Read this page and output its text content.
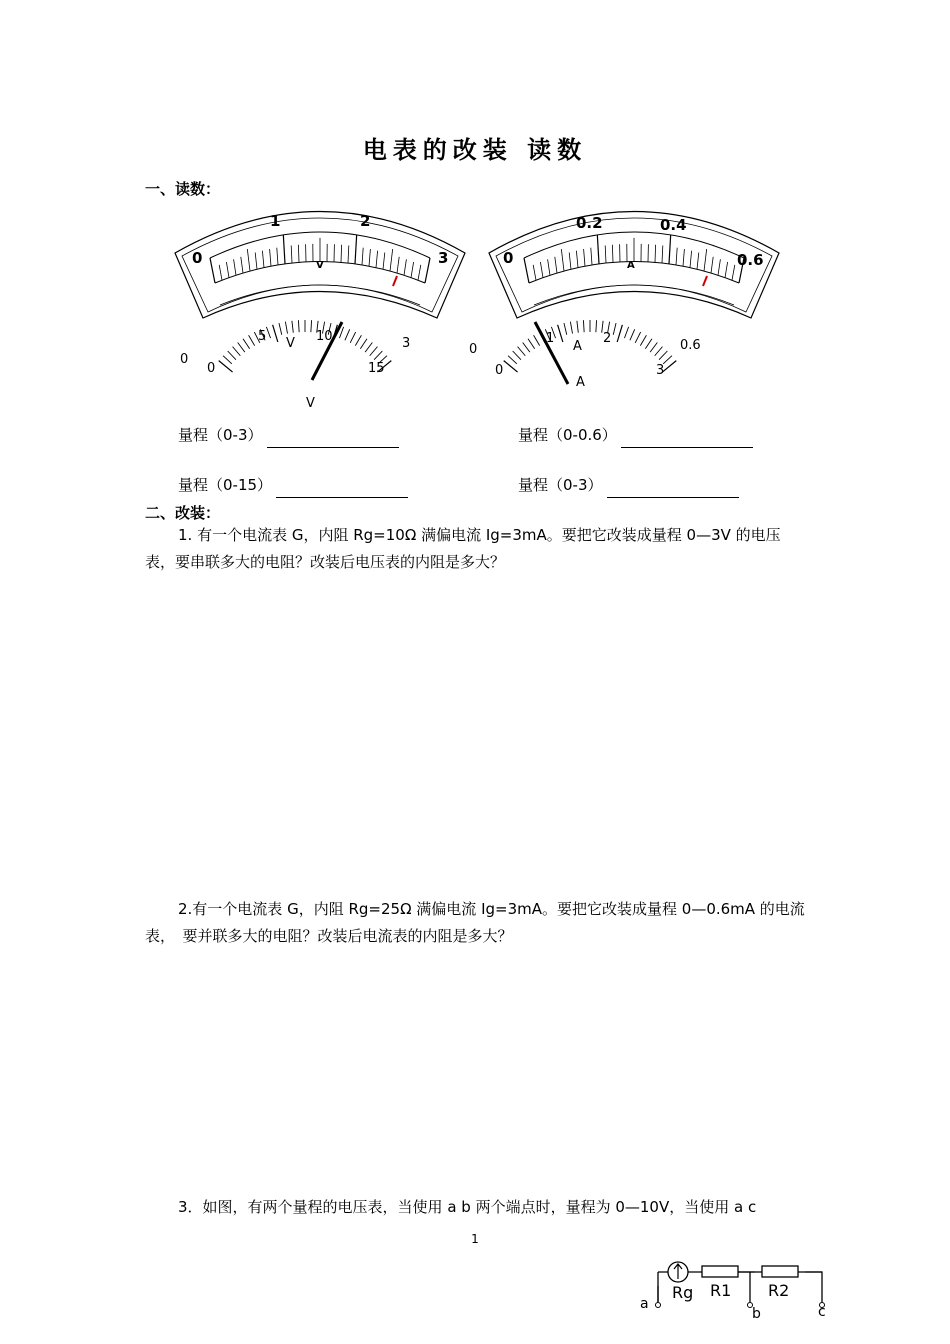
电表的改装 读数
一、读数：
0
1	2
3
V	0
0.2	0.4
0.6
A
0
0
5 V 10	3
15
V
0
0
1
A
2	0.6
3
A
量程（0-3）	量程（0-0.6）
量程（0-15）	量程（0-3）
二、改装：
1. 有一个电流表 G，内阻 Rg=10Ω 满偏电流 Ig=3mA。要把它改装成量程 0—3V 的电压表，要串联多大的电阻？改装后电压表的内阻是多大？
2.有一个电流表 G，内阻 Rg=25Ω 满偏电流 Ig=3mA。要把它改装成量程 0—0.6mA 的电流表，　要并联多大的电阻？改装后电流表的内阻是多大？
3．如图，有两个量程的电压表，当使用 a b 两个端点时，量程为 0—10V，当使用 a c
1
a
b	c
Rg R1 R2
